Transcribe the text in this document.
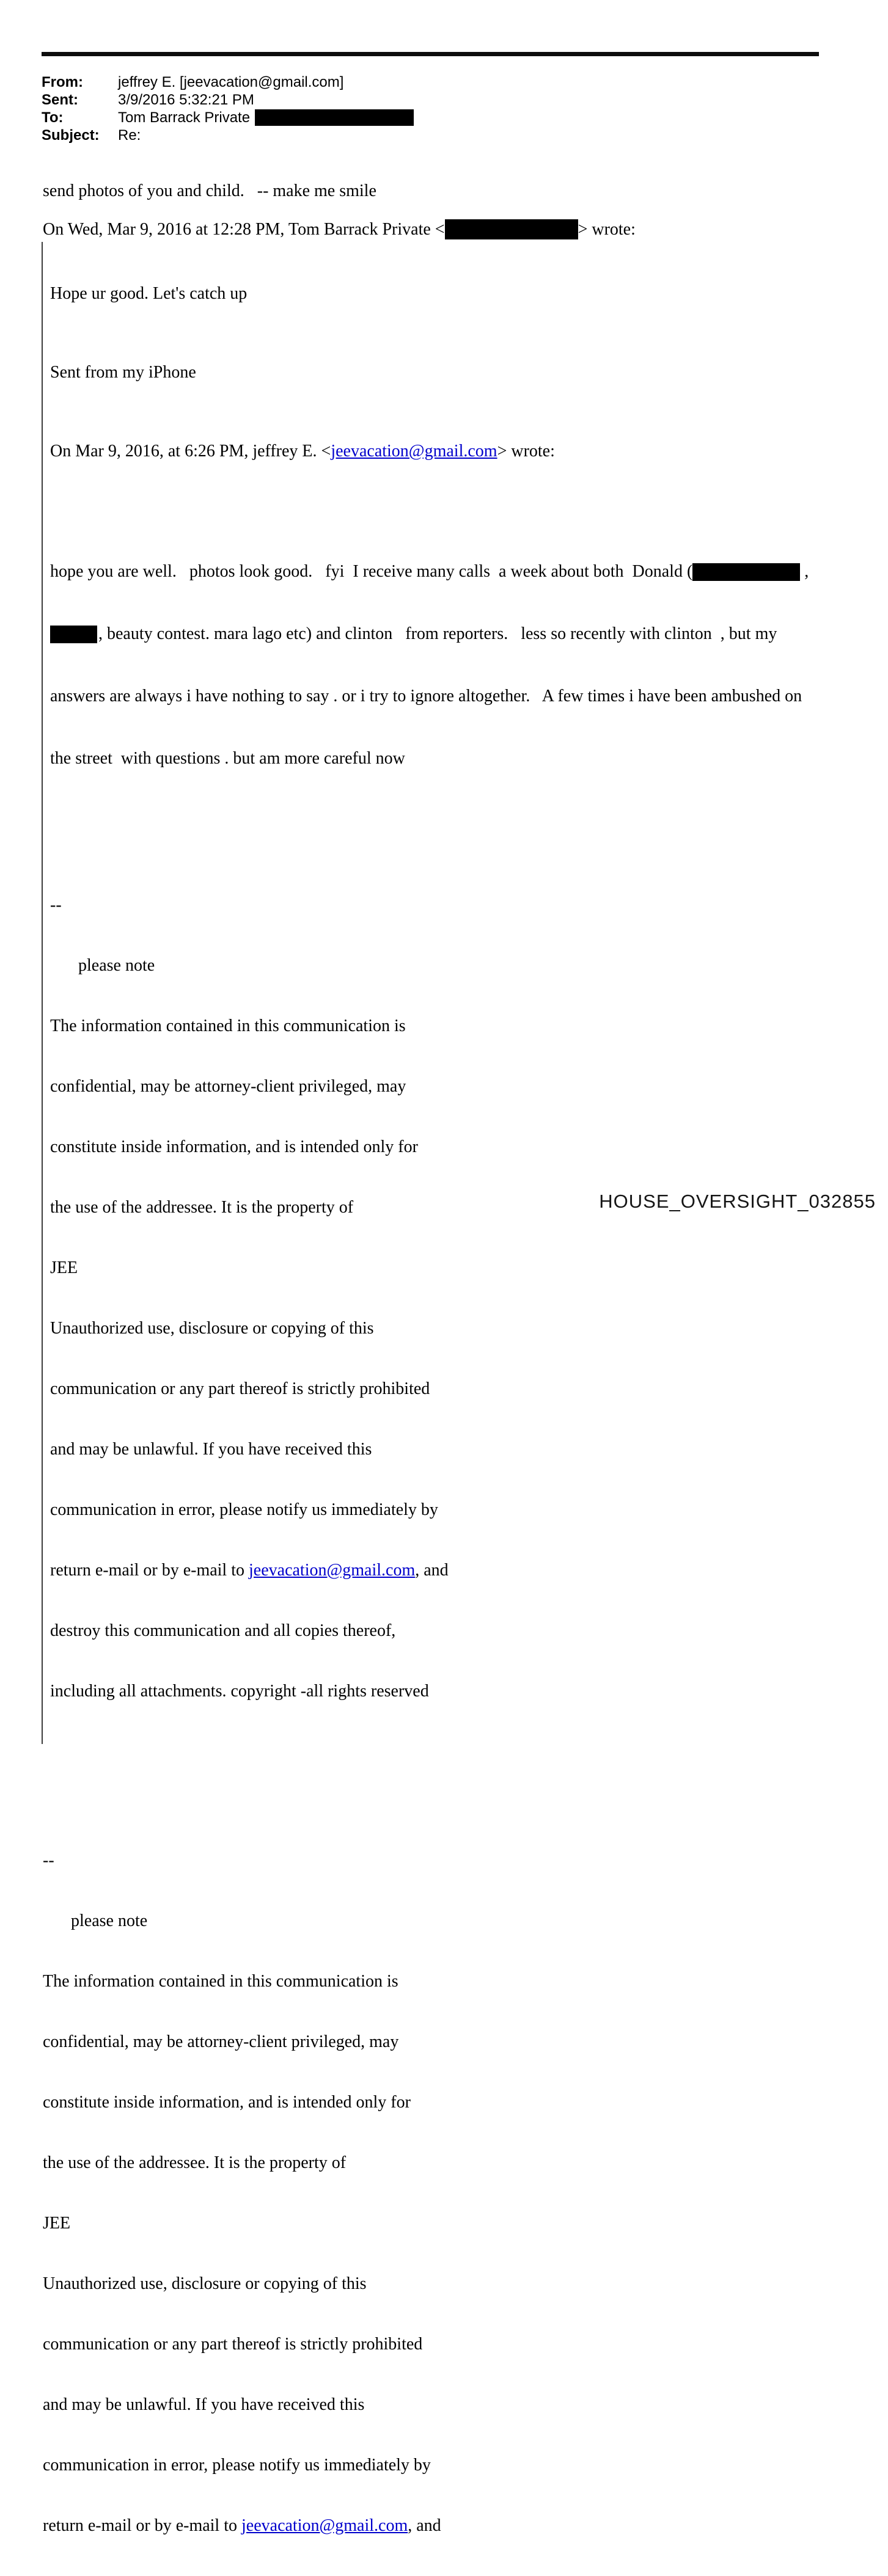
From:	jeffrey E. [jeevacation@gmail.com]
Sent:	3/9/2016 5:32:21 PM
To:	Tom Barrack Private
Subject:	Re:
send photos of you and child.   -- make me smile
On Wed, Mar 9, 2016 at 12:28 PM, Tom Barrack Private <	> wrote:

Hope ur good. Let's catch up

Sent from my iPhone

On Mar 9, 2016, at 6:26 PM, jeffrey E. <jeevacation@gmail.com> wrote:

hope you are well.   photos look good.   fyi  I receive many calls  a week about both  Donald (	,

, beauty contest. mara lago etc) and clinton   from reporters.   less so recently with clinton  , but my

answers are always i have nothing to say . or i try to ignore altogether.   A few times i have been ambushed on

the street  with questions . but am more careful now

--

please note

The information contained in this communication is

confidential, may be attorney-client privileged, may

constitute inside information, and is intended only for

the use of the addressee. It is the property of

JEE

Unauthorized use, disclosure or copying of this

communication or any part thereof is strictly prohibited

and may be unlawful. If you have received this

communication in error, please notify us immediately by

return e-mail or by e-mail to jeevacation@gmail.com, and

destroy this communication and all copies thereof,

including all attachments. copyright -all rights reserved

--

please note

The information contained in this communication is

confidential, may be attorney-client privileged, may

constitute inside information, and is intended only for

the use of the addressee. It is the property of

JEE

Unauthorized use, disclosure or copying of this

communication or any part thereof is strictly prohibited

and may be unlawful. If you have received this

communication in error, please notify us immediately by

return e-mail or by e-mail to jeevacation@gmail.com, and

HOUSE_OVERSIGHT_032855
